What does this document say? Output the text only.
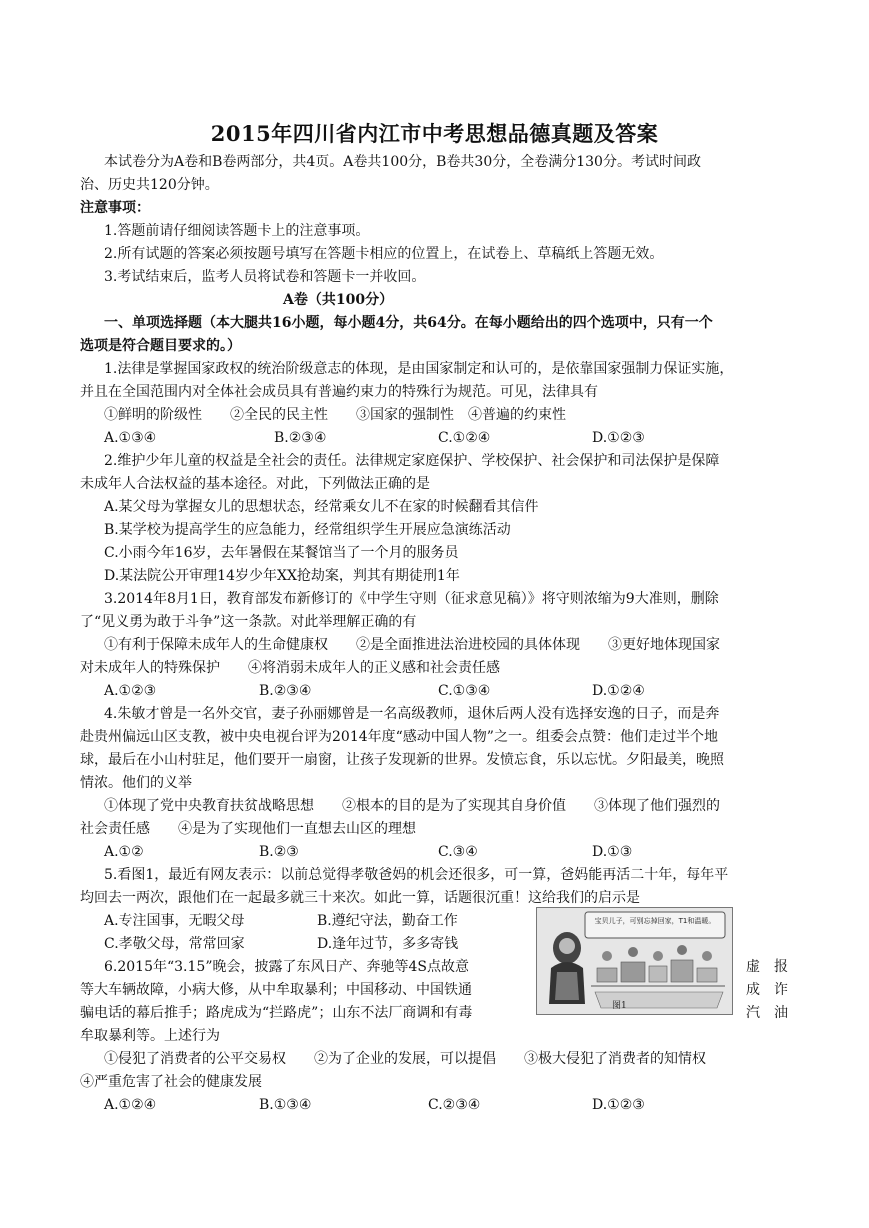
2015年四川省内江市中考思想品德真题及答案
本试卷分为A卷和B卷两部分，共4页。A卷共100分，B卷共30分，全卷满分130分。考试时间政
治、历史共120分钟。
注意事项：
1.答题前请仔细阅读答题卡上的注意事项。
2.所有试题的答案必须按题号填写在答题卡相应的位置上，在试卷上、草稿纸上答题无效。
3.考试结束后，监考人员将试卷和答题卡一并收回。
A卷（共100分）
一、单项选择题（本大腿共16小题，每小题4分，共64分。在每小题给出的四个选项中，只有一个
选项是符合题目要求的。）
1.法律是掌握国家政权的统治阶级意志的体现，是由国家制定和认可的，是依靠国家强制力保证实施，
并且在全国范围内对全体社会成员具有普遍约束力的特殊行为规范。可见，法律具有
①鲜明的阶级性　　②全民的民主性　　③国家的强制性　④普遍的约束性
A.①③④	B.②③④	C.①②④	D.①②③
2.维护少年儿童的权益是全社会的责任。法律规定家庭保护、学校保护、社会保护和司法保护是保障
未成年人合法权益的基本途径。对此，下列做法正确的是
A.某父母为掌握女儿的思想状态，经常乘女儿不在家的时候翻看其信件
B.某学校为提高学生的应急能力，经常组织学生开展应急演练活动
C.小雨今年16岁，去年暑假在某餐馆当了一个月的服务员
D.某法院公开审理14岁少年XX抢劫案，判其有期徒刑1年
3.2014年8月1日，教育部发布新修订的《中学生守则（征求意见稿）》将守则浓缩为9大准则，删除
了“见义勇为敢于斗争”这一条款。对此举理解正确的有
①有利于保障未成年人的生命健康权　　②是全面推进法治进校园的具体体现　　③更好地体现国家
对未成年人的特殊保护　　④将消弱未成年人的正义感和社会责任感
A.①②③	B.②③④	C.①③④	D.①②④
4.朱敏才曾是一名外交官，妻子孙丽娜曾是一名高级教师，退休后两人没有选择安逸的日子，而是奔
赴贵州偏远山区支教，被中央电视台评为2014年度“感动中国人物”之一。组委会点赞：他们走过半个地
球，最后在小山村驻足，他们要开一扇窗，让孩子发现新的世界。发愤忘食，乐以忘忧。夕阳最美，晚照
情浓。他们的义举
①体现了党中央教育扶贫战略思想　　②根本的目的是为了实现其自身价值　　③体现了他们强烈的
社会责任感　　④是为了实现他们一直想去山区的理想
A.①②	B.②③	C.③④	D.①③
5.看图1，最近有网友表示：以前总觉得孝敬爸妈的机会还很多，可一算，爸妈能再活二十年，每年平
均回去一两次，跟他们在一起最多就三十来次。如此一算，话题很沉重！这给我们的启示是
A.专注国事，无暇父母	B.遵纪守法，勤奋工作
C.孝敬父母，常常回家	D.逢年过节，多多寄钱
宝贝儿子，可别忘掉回家，T1和温暖。
图1
6.2015年“3.15”晚会，披露了东风日产、奔驰等4S点故意	虚　报
等大车辆故障，小病大修，从中牟取暴利；中国移动、中国铁通	成　诈
骗电话的幕后推手；路虎成为“拦路虎”；山东不法厂商调和有毒	汽　油
牟取暴利等。上述行为
①侵犯了消费者的公平交易权　　②为了企业的发展，可以提倡　　③极大侵犯了消费者的知情权
④严重危害了社会的健康发展
A.①②④	B.①③④	C.②③④	D.①②③
